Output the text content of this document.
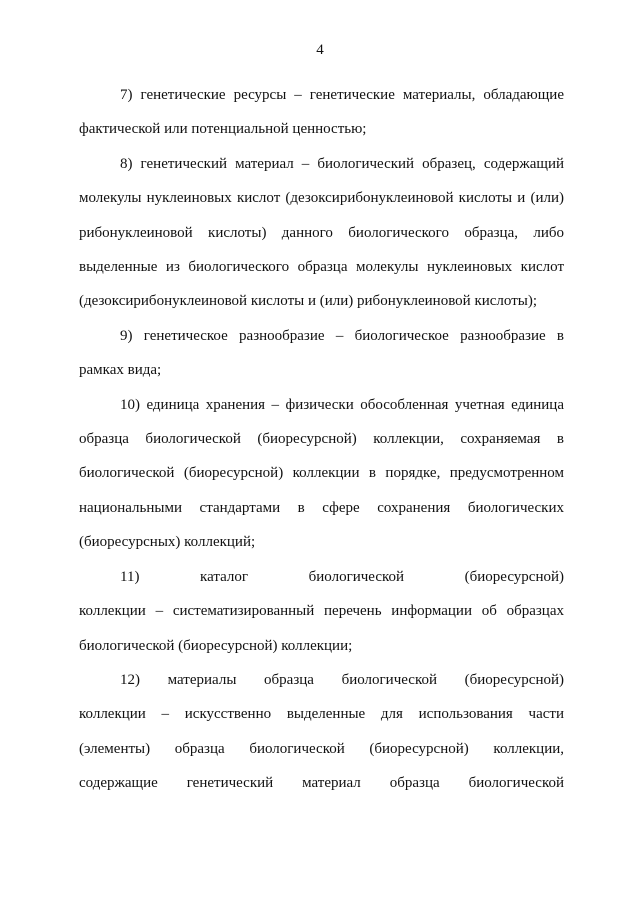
4

7) генетические ресурсы – генетические материалы, обладающие
фактической или потенциальной ценностью;

8) генетический материал – биологический образец, содержащий
молекулы нуклеиновых кислот (дезоксирибонуклеиновой кислоты и (или)
рибонуклеиновой кислоты) данного биологического образца, либо
выделенные из биологического образца молекулы нуклеиновых кислот
(дезоксирибонуклеиновой кислоты и (или) рибонуклеиновой кислоты);

9) генетическое разнообразие – биологическое разнообразие в
рамках вида;

10) единица хранения – физически обособленная учетная единица
образца биологической (биоресурсной) коллекции, сохраняемая в
биологической (биоресурсной) коллекции в порядке, предусмотренном
национальными стандартами в сфере сохранения биологических
(биоресурсных) коллекций;

11) каталог биологической (биоресурсной)
коллекции – систематизированный перечень информации об образцах
биологической (биоресурсной) коллекции;

12) материалы образца биологической (биоресурсной)
коллекции – искусственно выделенные для использования части
(элементы) образца биологической (биоресурсной) коллекции,
содержащие генетический материал образца биологической
